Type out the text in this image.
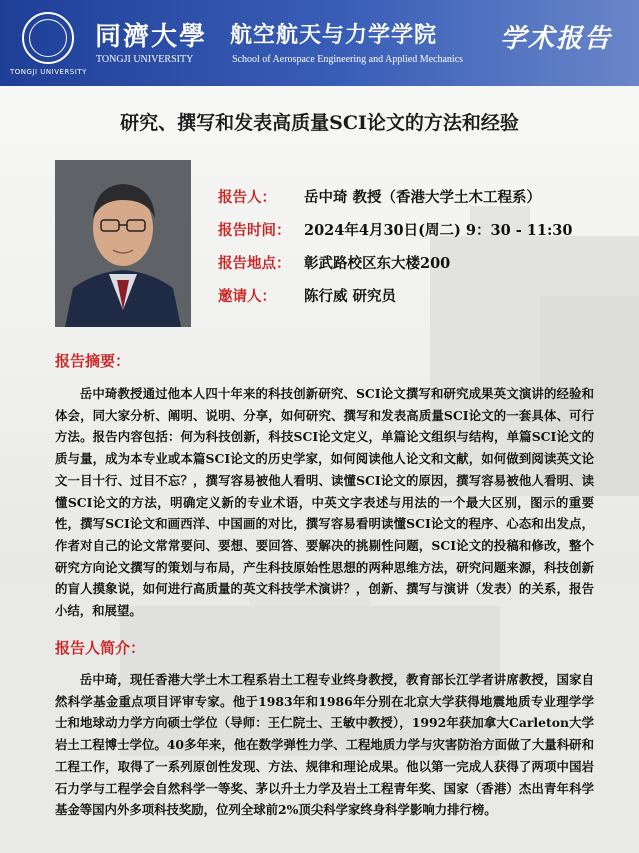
TONGJI UNIVERSITY
同濟大學
TONGJI UNIVERSITY
航空航天与力学学院
School of Aerospace Engineering and Applied Mechanics
学术报告
研究、撰写和发表高质量SCI论文的方法和经验
报告人： 岳中琦 教授（香港大学土木工程系）
报告时间： 2024年4月30日(周二) 9：30 - 11:30
报告地点： 彰武路校区东大楼200
邀请人： 陈行威 研究员
报告摘要：
岳中琦教授通过他本人四十年来的科技创新研究、SCI论文撰写和研究成果英文演讲的经验和体会，同大家分析、阐明、说明、分享，如何研究、撰写和发表高质量SCI论文的一套具体、可行方法。报告内容包括：何为科技创新，科技SCI论文定义，单篇论文组织与结构，单篇SCI论文的质与量，成为本专业或本篇SCI论文的历史学家，如何阅读他人论文和文献，如何做到阅读英文论文一目十行、过目不忘？，撰写容易被他人看明、读懂SCI论文的原因，撰写容易被他人看明、读懂SCI论文的方法，明确定义新的专业术语，中英文字表述与用法的一个最大区别，图示的重要性，撰写SCI论文和画西洋、中国画的对比，撰写容易看明读懂SCI论文的程序、心态和出发点，作者对自己的论文常常要问、要想、要回答、要解决的挑剔性问题，SCI论文的投稿和修改，整个研究方向论文撰写的策划与布局，产生科技原始性思想的两种思维方法，研究问题来源，科技创新的盲人摸象说，如何进行高质量的英文科技学术演讲？，创新、撰写与演讲（发表）的关系，报告小结，和展望。
报告人简介：
岳中琦，现任香港大学土木工程系岩土工程专业终身教授，教育部长江学者讲席教授，国家自然科学基金重点项目评审专家。他于1983年和1986年分别在北京大学获得地震地质专业理学学士和地球动力学方向硕士学位（导师：王仁院士、王敏中教授），1992年获加拿大Carleton大学岩土工程博士学位。40多年来，他在数学弹性力学、工程地质力学与灾害防治方面做了大量科研和工程工作，取得了一系列原创性发现、方法、规律和理论成果。他以第一完成人获得了两项中国岩石力学与工程学会自然科学一等奖、茅以升土力学及岩土工程青年奖、国家（香港）杰出青年科学基金等国内外多项科技奖励，位列全球前2%顶尖科学家终身科学影响力排行榜。
